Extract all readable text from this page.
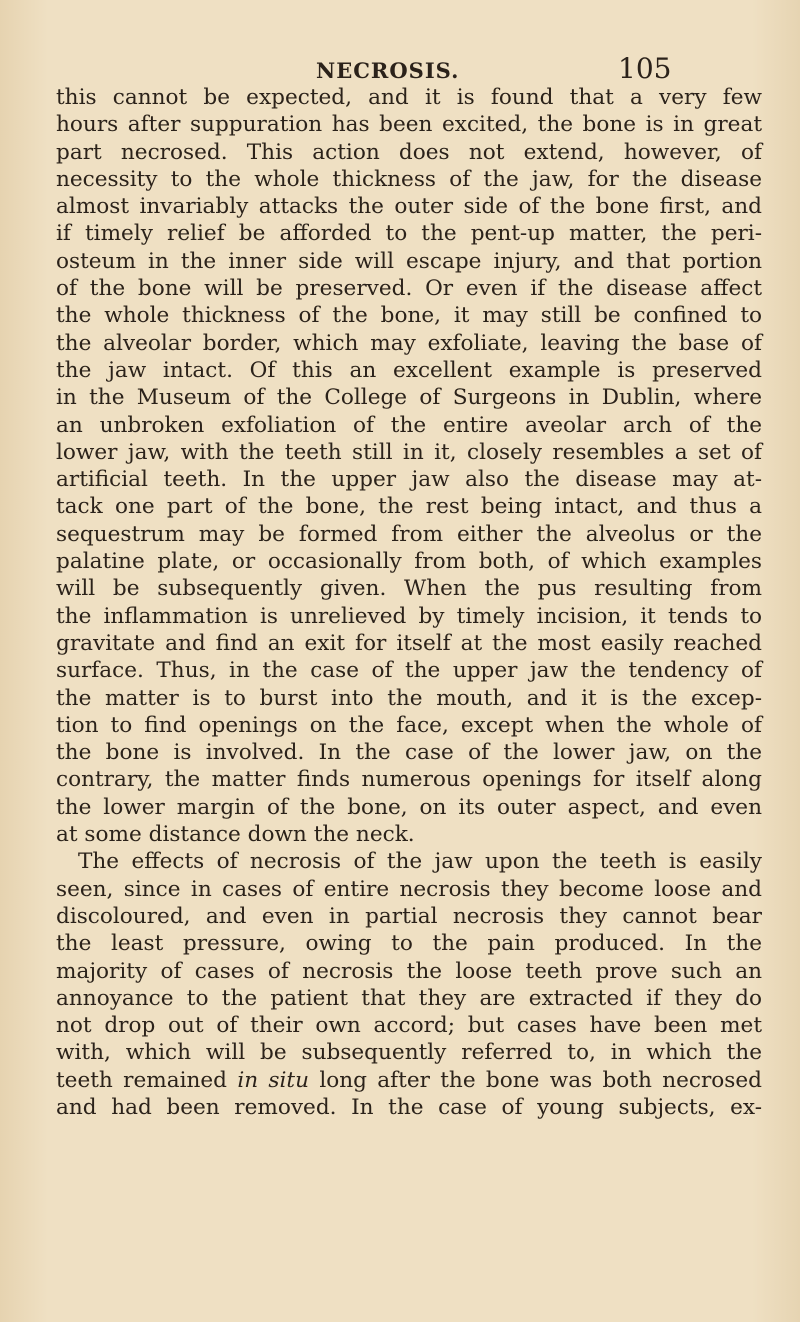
NECROSIS.	105
this cannot be expected, and it is found that a very few
hours after suppuration has been excited, the bone is in great
part necrosed. This action does not extend, however, of
necessity to the whole thickness of the jaw, for the disease
almost invariably attacks the outer side of the bone first, and
if timely relief be afforded to the pent-up matter, the peri-
osteum in the inner side will escape injury, and that portion
of the bone will be preserved. Or even if the disease affect
the whole thickness of the bone, it may still be confined to
the alveolar border, which may exfoliate, leaving the base of
the jaw intact. Of this an excellent example is preserved
in the Museum of the College of Surgeons in Dublin, where
an unbroken exfoliation of the entire aveolar arch of the
lower jaw, with the teeth still in it, closely resembles a set of
artificial teeth. In the upper jaw also the disease may at-
tack one part of the bone, the rest being intact, and thus a
sequestrum may be formed from either the alveolus or the
palatine plate, or occasionally from both, of which examples
will be subsequently given. When the pus resulting from
the inflammation is unrelieved by timely incision, it tends to
gravitate and find an exit for itself at the most easily reached
surface. Thus, in the case of the upper jaw the tendency of
the matter is to burst into the mouth, and it is the excep-
tion to find openings on the face, except when the whole of
the bone is involved. In the case of the lower jaw, on the
contrary, the matter finds numerous openings for itself along
the lower margin of the bone, on its outer aspect, and even
at some distance down the neck.
The effects of necrosis of the jaw upon the teeth is easily
seen, since in cases of entire necrosis they become loose and
discoloured, and even in partial necrosis they cannot bear
the least pressure, owing to the pain produced. In the
majority of cases of necrosis the loose teeth prove such an
annoyance to the patient that they are extracted if they do
not drop out of their own accord; but cases have been met
with, which will be subsequently referred to, in which the
teeth remained in situ long after the bone was both necrosed
and had been removed. In the case of young subjects, ex-
